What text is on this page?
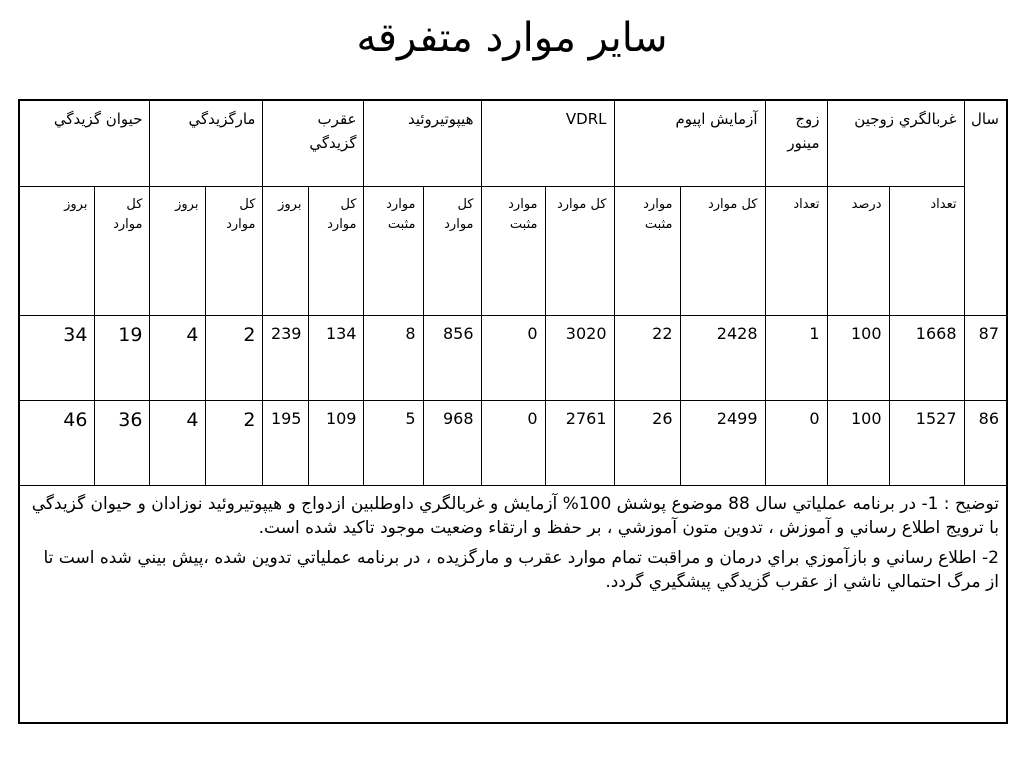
ساير موارد متفرقه
سال	غربالگري زوجين		زوج مینور	آزمايش اپيوم		VDRL		هيپوتيروئيد		عقرب گزيدگي		مارگزيدگي		حيوان گزيدگي	
	تعداد	درصد	تعداد	كل موارد	موارد مثبت	كل موارد	موارد مثبت	كل موارد	موارد مثبت	كل موارد	بروز	كل موارد	بروز	كل موارد	بروز
87	1668	100	1	2428	22	3020	0	856	8	134	239	2	4	19	34
86	1527	100	0	2499	26	2761	0	968	5	109	195	2	4	36	46

توضيح : 1- در برنامه عملياتي سال 88 موضوع پوشش 100% آزمايش و غربالگري داوطلبين ازدواج و هيپوتيروئيد نوزادان و حيوان گزيدگي با ترويج اطلاع رساني و آموزش ، تدوين متون آموزشي ، بر حفظ و ارتقاء وضعيت موجود تاكيد شده است.

2- اطلاع رساني و بازآموزي براي درمان و مراقبت تمام موارد عقرب و مارگزيده ، در برنامه عملياتي تدوين شده ،پيش بيني شده است تا از مرگ احتمالي ناشي از عقرب گزيدگي پيشگيري گردد.															
